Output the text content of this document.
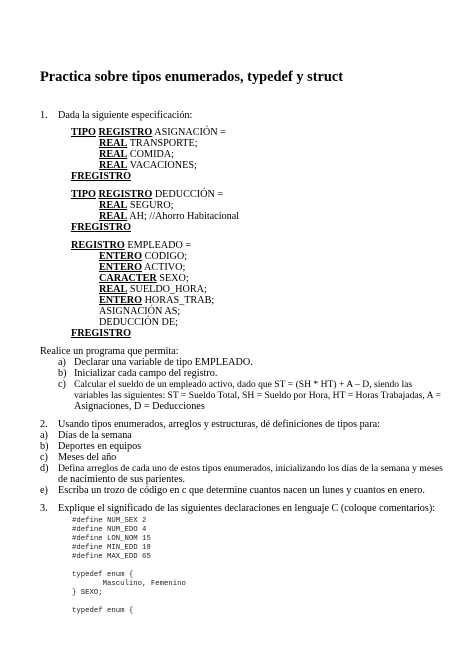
Practica sobre tipos enumerados, typedef y struct
1. Dada la siguiente especificación:
TIPO REGISTRO ASIGNACIÓN =
REAL TRANSPORTE;
REAL COMIDA;
REAL VACACIONES;
FREGISTRO
TIPO REGISTRO DEDUCCIÓN =
REAL SEGURO;
REAL AH; //Ahorro Habitacional
FREGISTRO
REGISTRO EMPLEADO =
ENTERO CODIGO;
ENTERO ACTIVO;
CARACTER SEXO;
REAL SUELDO_HORA;
ENTERO HORAS_TRAB;
ASIGNACIÓN AS;
DEDUCCIÓN DE;
FREGISTRO
Realice un programa que permita:
a) Declarar una variable de tipo EMPLEADO.
b) Inicializar cada campo del registro.
c) Calcular el sueldo de un empleado activo, dado que ST = (SH * HT) + A – D, siendo las
variables las siguientes: ST = Sueldo Total, SH = Sueldo por Hora, HT = Horas Trabajadas, A =
Asignaciones, D = Deducciones
2. Usando tipos enumerados, arreglos y estructuras, dé definiciones de tipos para:
a) Días de la semana
b) Deportes en equipos
c) Meses del año
d) Defina arreglos de cada uno de estos tipos enumerados, inicializando los días de la semana y meses
de nacimiento de sus parientes.
e) Escriba un trozo de código en c que determine cuantos nacen un lunes y cuantos en enero.
3. Explique el significado de las siguientes declaraciones en lenguaje C (coloque comentarios):
#define NUM_SEX 2
#define NUM_EDO 4
#define LON_NOM 15
#define MIN_EDD 18
#define MAX_EDD 65
typedef enum {
Masculino, Femenino
} SEXO;
typedef enum {
